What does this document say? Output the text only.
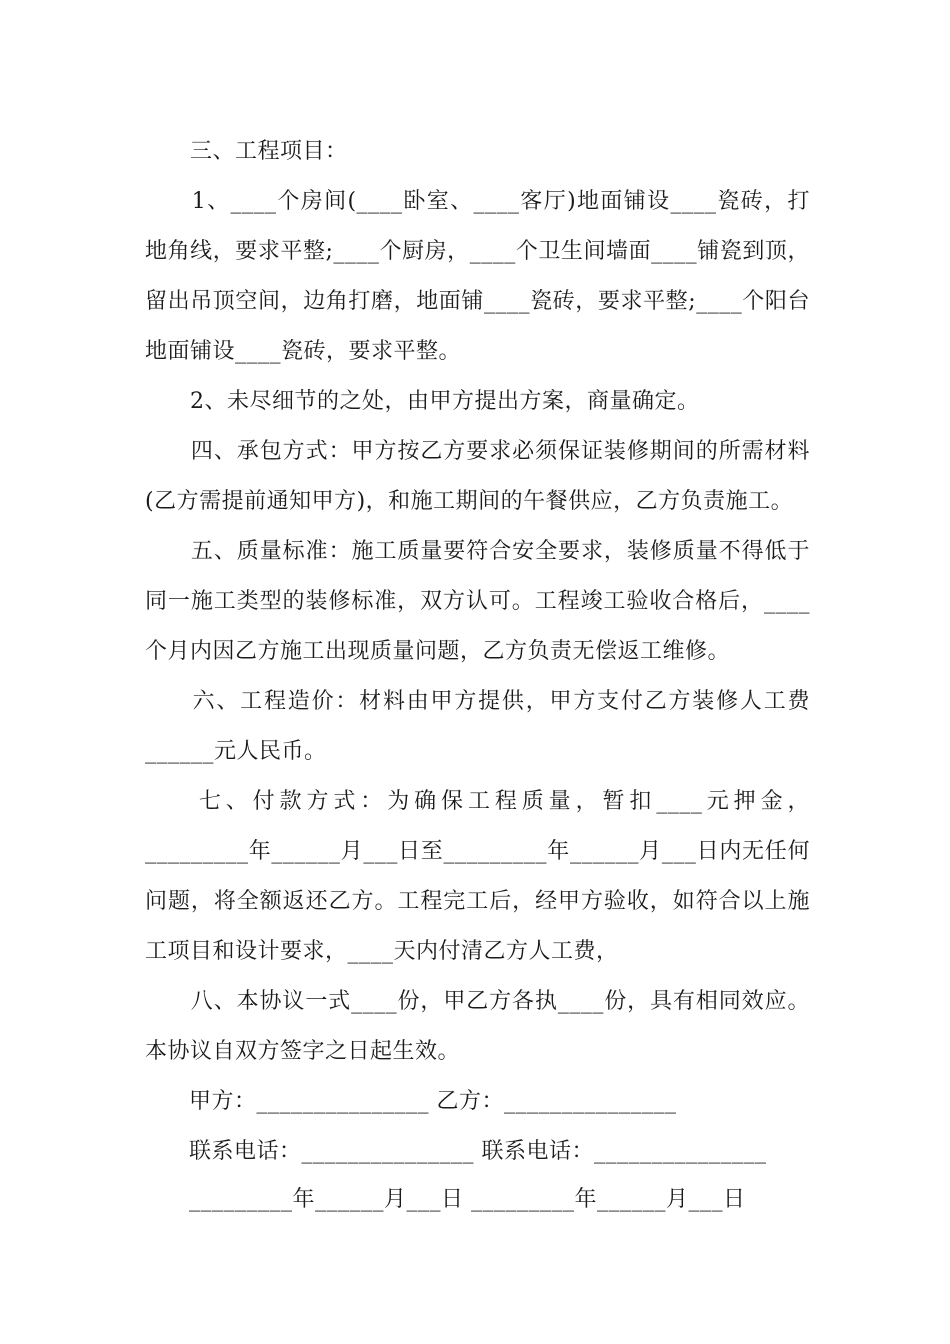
　　三、工程项目：

　　1、____个房间(____卧室、____客厅)地面铺设____瓷砖，打地角线，要求平整;____个厨房，____个卫生间墙面____铺瓷到顶，留出吊顶空间，边角打磨，地面铺____瓷砖，要求平整;____个阳台地面铺设____瓷砖，要求平整。

　　2、未尽细节的之处，由甲方提出方案，商量确定。

　　四、承包方式：甲方按乙方要求必须保证装修期间的所需材料(乙方需提前通知甲方)，和施工期间的午餐供应，乙方负责施工。

　　五、质量标准：施工质量要符合安全要求，装修质量不得低于同一施工类型的装修标准，双方认可。工程竣工验收合格后，____个月内因乙方施工出现质量问题，乙方负责无偿返工维修。

　　六、工程造价：材料由甲方提供，甲方支付乙方装修人工费______元人民币。

　　七、付款方式：为确保工程质量，暂扣____元押金，_________年______月___日至_________年______月___日内无任何问题，将全额返还乙方。工程完工后，经甲方验收，如符合以上施工项目和设计要求，____天内付清乙方人工费，

　　八、本协议一式____份，甲乙方各执____份，具有相同效应。本协议自双方签字之日起生效。

甲方：_______________ 乙方：_______________

联系电话：_______________ 联系电话：_______________

_________年______月___日 _________年______月___日
